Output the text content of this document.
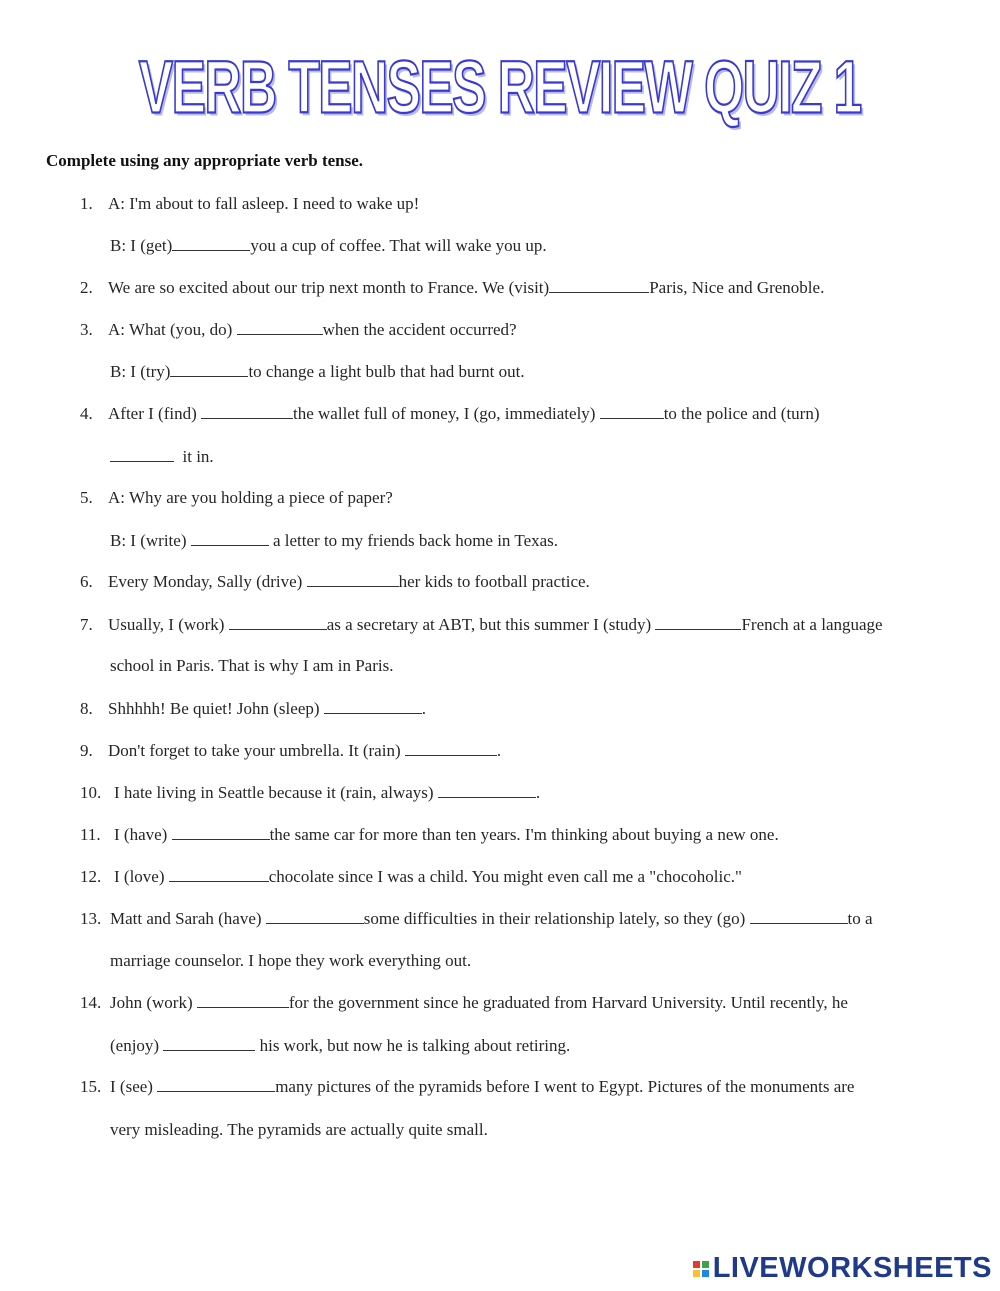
VERB TENSES REVIEW QUIZ 1

Complete using any appropriate verb tense.

1. A: I'm about to fall asleep. I need to wake up!

B: I (get)	you a cup of coffee. That will wake you up.

2. We are so excited about our trip next month to France. We (visit)	Paris, Nice and Grenoble.

3. A: What (you, do)	when the accident occurred?

B: I (try)	to change a light bulb that had burnt out.

4. After I (find)	the wallet full of money, I (go, immediately)	to the police and (turn)

it in.

5. A: Why are you holding a piece of paper?

B: I (write)	a letter to my friends back home in Texas.

6. Every Monday, Sally (drive)	her kids to football practice.

7. Usually, I (work)	as a secretary at ABT, but this summer I (study)	French at a language

school in Paris. That is why I am in Paris.

8. Shhhhh! Be quiet! John (sleep)	.

9. Don't forget to take your umbrella. It (rain)	.

10. I hate living in Seattle because it (rain, always)	.

11. I (have)	the same car for more than ten years. I'm thinking about buying a new one.

12. I (love)	chocolate since I was a child. You might even call me a "chocoholic."

13. Matt and Sarah (have)	some difficulties in their relationship lately, so they (go)	to a

marriage counselor. I hope they work everything out.

14. John (work)	for the government since he graduated from Harvard University. Until recently, he

(enjoy)	his work, but now he is talking about retiring.

15. I (see)	many pictures of the pyramids before I went to Egypt. Pictures of the monuments are

very misleading. The pyramids are actually quite small.

LIVEWORKSHEETS
